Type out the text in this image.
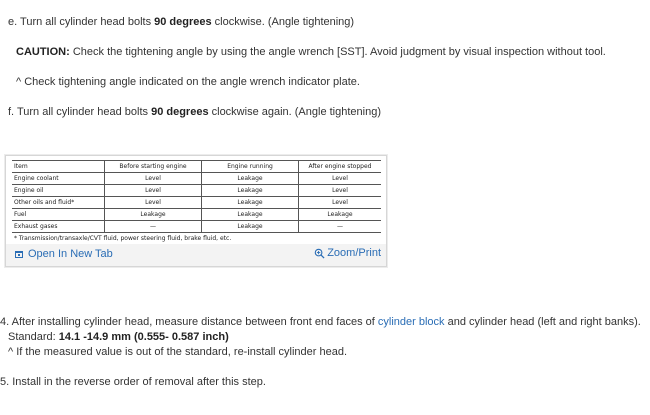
e. Turn all cylinder head bolts 90 degrees clockwise. (Angle tightening)
CAUTION: Check the tightening angle by using the angle wrench [SST]. Avoid judgment by visual inspection without tool.
^ Check tightening angle indicated on the angle wrench indicator plate.
f. Turn all cylinder head bolts 90 degrees clockwise again. (Angle tightening)
Item	Before starting engine	Engine running	After engine stopped
Engine coolant	Level	Leakage	Level
Engine oil	Level	Leakage	Level
Other oils and fluid*	Level	Leakage	Level
Fuel	Leakage	Leakage	Leakage
Exhaust gases	—	Leakage	—
* Transmission/transaxle/CVT fluid, power steering fluid, brake fluid, etc.
Open In New Tab	Zoom/Print
4. After installing cylinder head, measure distance between front end faces of cylinder block and cylinder head (left and right banks).
Standard: 14.1 -14.9 mm (0.555- 0.587 inch)
^ If the measured value is out of the standard, re-install cylinder head.
5. Install in the reverse order of removal after this step.
